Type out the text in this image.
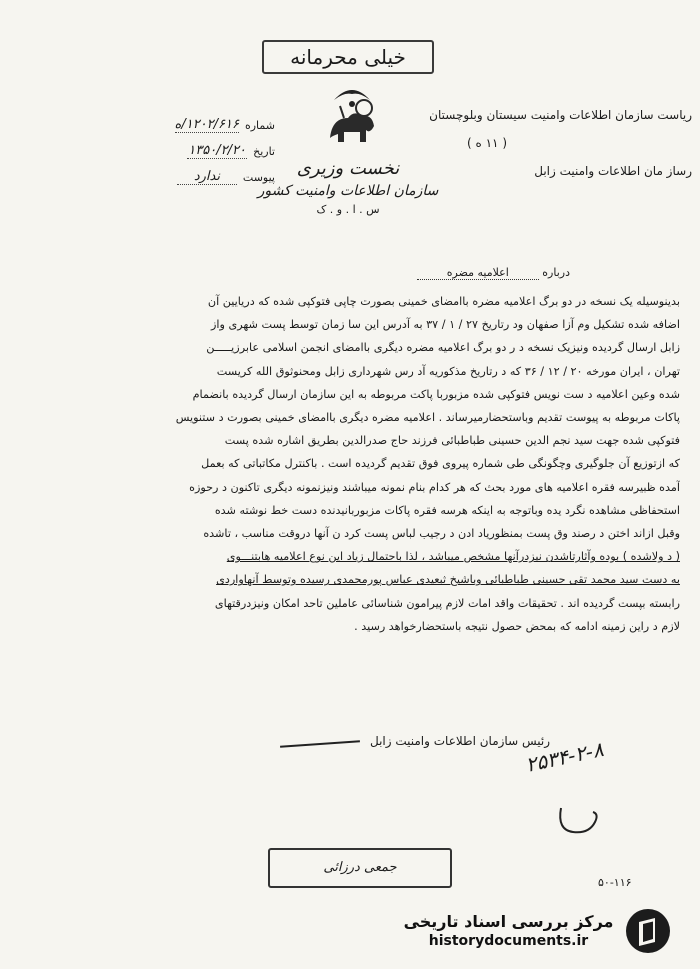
خیلی محرمانه
ریاست سازمان اطلاعات وامنیت سیستان وبلوچستان
( ۱۱ ه )
رساز مان اطلاعات وامنیت زابل
نخست وزیری
سازمان اطلاعات وامنیت کشور
س . ا . و . ک
شماره
۱۲۰۲/۶۱۶/ه
تاریخ
۱۳۵۰/۲/۲۰
پیوست
ندارد
درباره اعلامیه مضره

بدینوسیله یک نسخه در دو برگ اعلامیه مضره باامضای خمینی بصورت چاپی فتوکپی شده که دریایین آن

اضافه شده تشکیل وم آزا صفهان ود رتاریخ ۲۷ / ۱ / ۳۷ به آدرس این سا زمان توسط پست شهری واز

زابل ارسال گردیده ونیزیک نسخه د ر دو برگ اعلامیه مضره دیگری باامضای انجمن اسلامی عابرزیـــــن

تهران ، ایران مورخه ۲۰ / ۱۲ / ۳۶ که د رتاریخ مذکوریه آد رس شهرداری زابل ومحنوثوق الله کریست

شده وعین اعلامیه د ست نویس فتوکپی شده مزبوربا پاکت مربوطه به این سازمان ارسال گردیده بانضمام

پاکات مربوطه به پیوست تقدیم وباستحضارمیرساند . اعلامیه مضره دیگری باامضای خمینی بصورت د ستنویس

فتوکپی شده جهت سید نجم الدین حسینی طباطبائی فرزند حاج صدرالدین بطریق اشاره شده پست

که ازتوزیع آن جلوگیری وچگونگی طی شماره پیروی فوق تقدیم گردیده است . باکنترل مکاتباتی که بعمل

آمده ظبیرسه فقره اعلامیه های مورد بحث که هر کدام بنام نمونه میباشند ونیزنمونه دیگری تاکنون د رحوزه

استحفاظی مشاهده نگرد یده وباتوجه به اینکه هرسه فقره پاکات مزبوربانیدنده دست خط نوشته شده

وقبل ازاند اختن د رصند وق پست بمنظوریاد ادن د رجیب لباس پست کرد ن آنها دروقت مناسب ، تاشده

( د ولاشده ) بوده وآثارتاشدن نیزدرآنها مشخص میباشد ، لذا باحتمال زیاد این نوع اعلامیه هابتنـــوی

به دست سید محمد تقی حسینی طباطبائی وباشیخ ثبعیدی عباس پورمحمدی رسیده وتوسط آنهاواردی

رابسته بپست گردیده اند . تحقیقات واقد امات لازم پیرامون شناسائی عاملین تاحد امکان ونیزدرقتهای

لازم د راین زمینه ادامه که بمحض حصول نتیجه باستحضارخواهد رسید .

رئیس سازمان اطلاعات وامنیت زابل
۲۵۳۴-۲-۸
جمعی درزائی
۵۰-۱۱۶
مرکز بررسی اسناد تاریخی
historydocuments.ir
